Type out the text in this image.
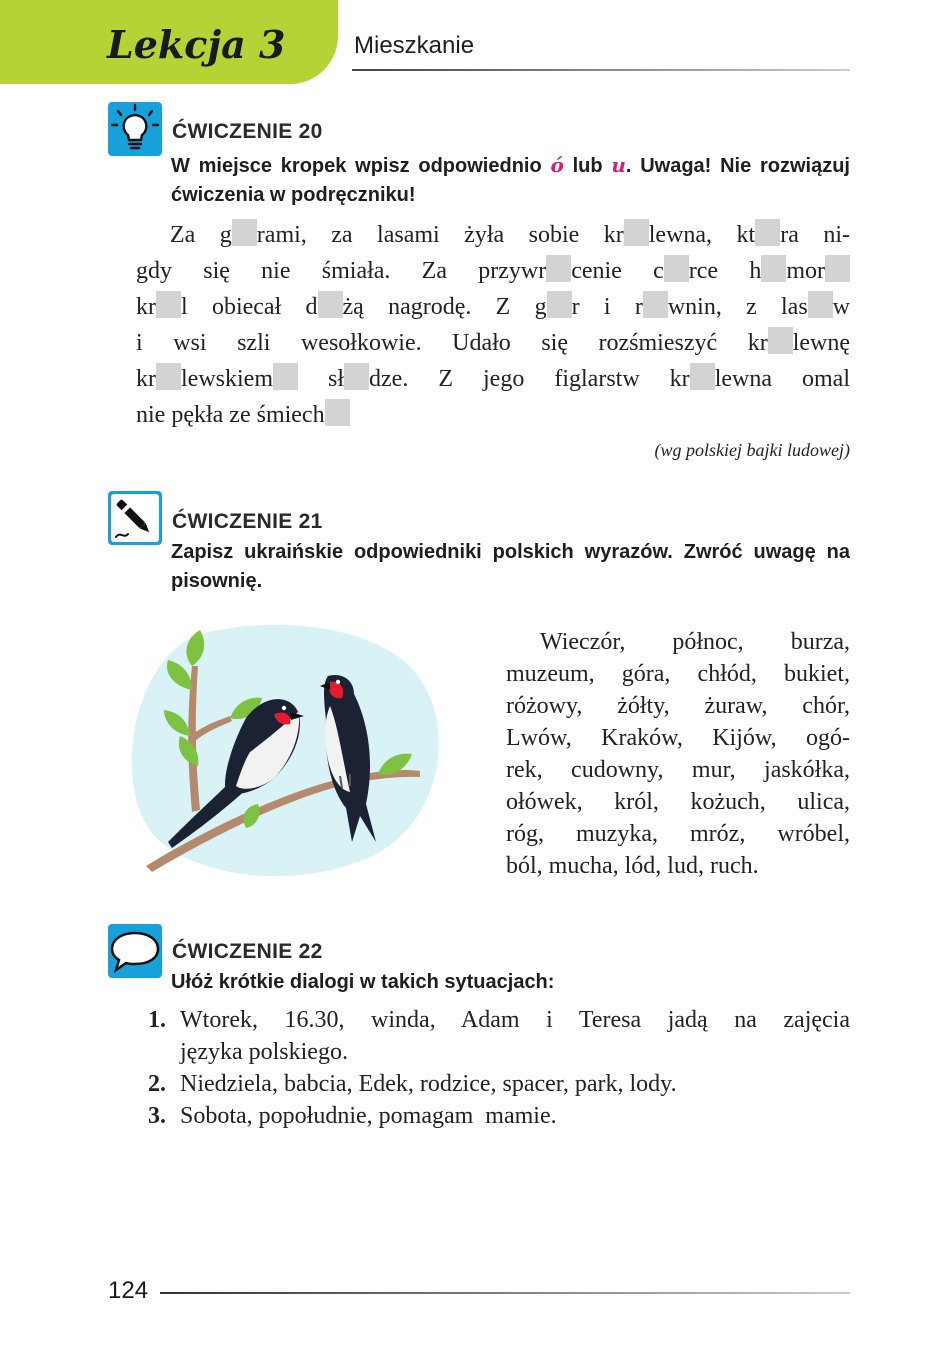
Lekcja 3	Mieszkanie
ĆWICZENIE 20

W miejsce kropek wpisz odpowiednio ó lub u. Uwaga! Nie rozwiązuj ćwiczenia w podręczniku!

Za g rami, za lasami żyła sobie kr lewna, kt ra ni-
gdy się nie śmiała. Za przywr cenie c rce h mor
kr l obiecał d żą nagrodę. Z g r i r wnin, z las w
i wsi szli wesołkowie. Udało się rozśmieszyć kr lewnę
kr lewskiem sł dze. Z jego figlarstw kr lewna omal
nie pękła ze śmiech
(wg polskiej bajki ludowej)
ĆWICZENIE 21

Zapisz ukraińskie odpowiedniki polskich wyrazów. Zwróć uwagę na pisownię.

Wieczór, północ, burza,
muzeum, góra, chłód, bukiet,
różowy, żółty, żuraw, chór,
Lwów, Kraków, Kijów, ogó-
rek, cudowny, mur, jaskółka,
ołówek, król, kożuch, ulica,
róg, muzyka, mróz, wróbel,
ból, mucha, lód, lud, ruch.
ĆWICZENIE 22

Ułóż krótkie dialogi w takich sytuacjach:

1. Wtorek, 16.30, winda, Adam i Teresa jadą na zajęcia
języka polskiego.
2. Niedziela, babcia, Edek, rodzice, spacer, park, lody.
3. Sobota, popołudnie, pomagam  mamie.
124
